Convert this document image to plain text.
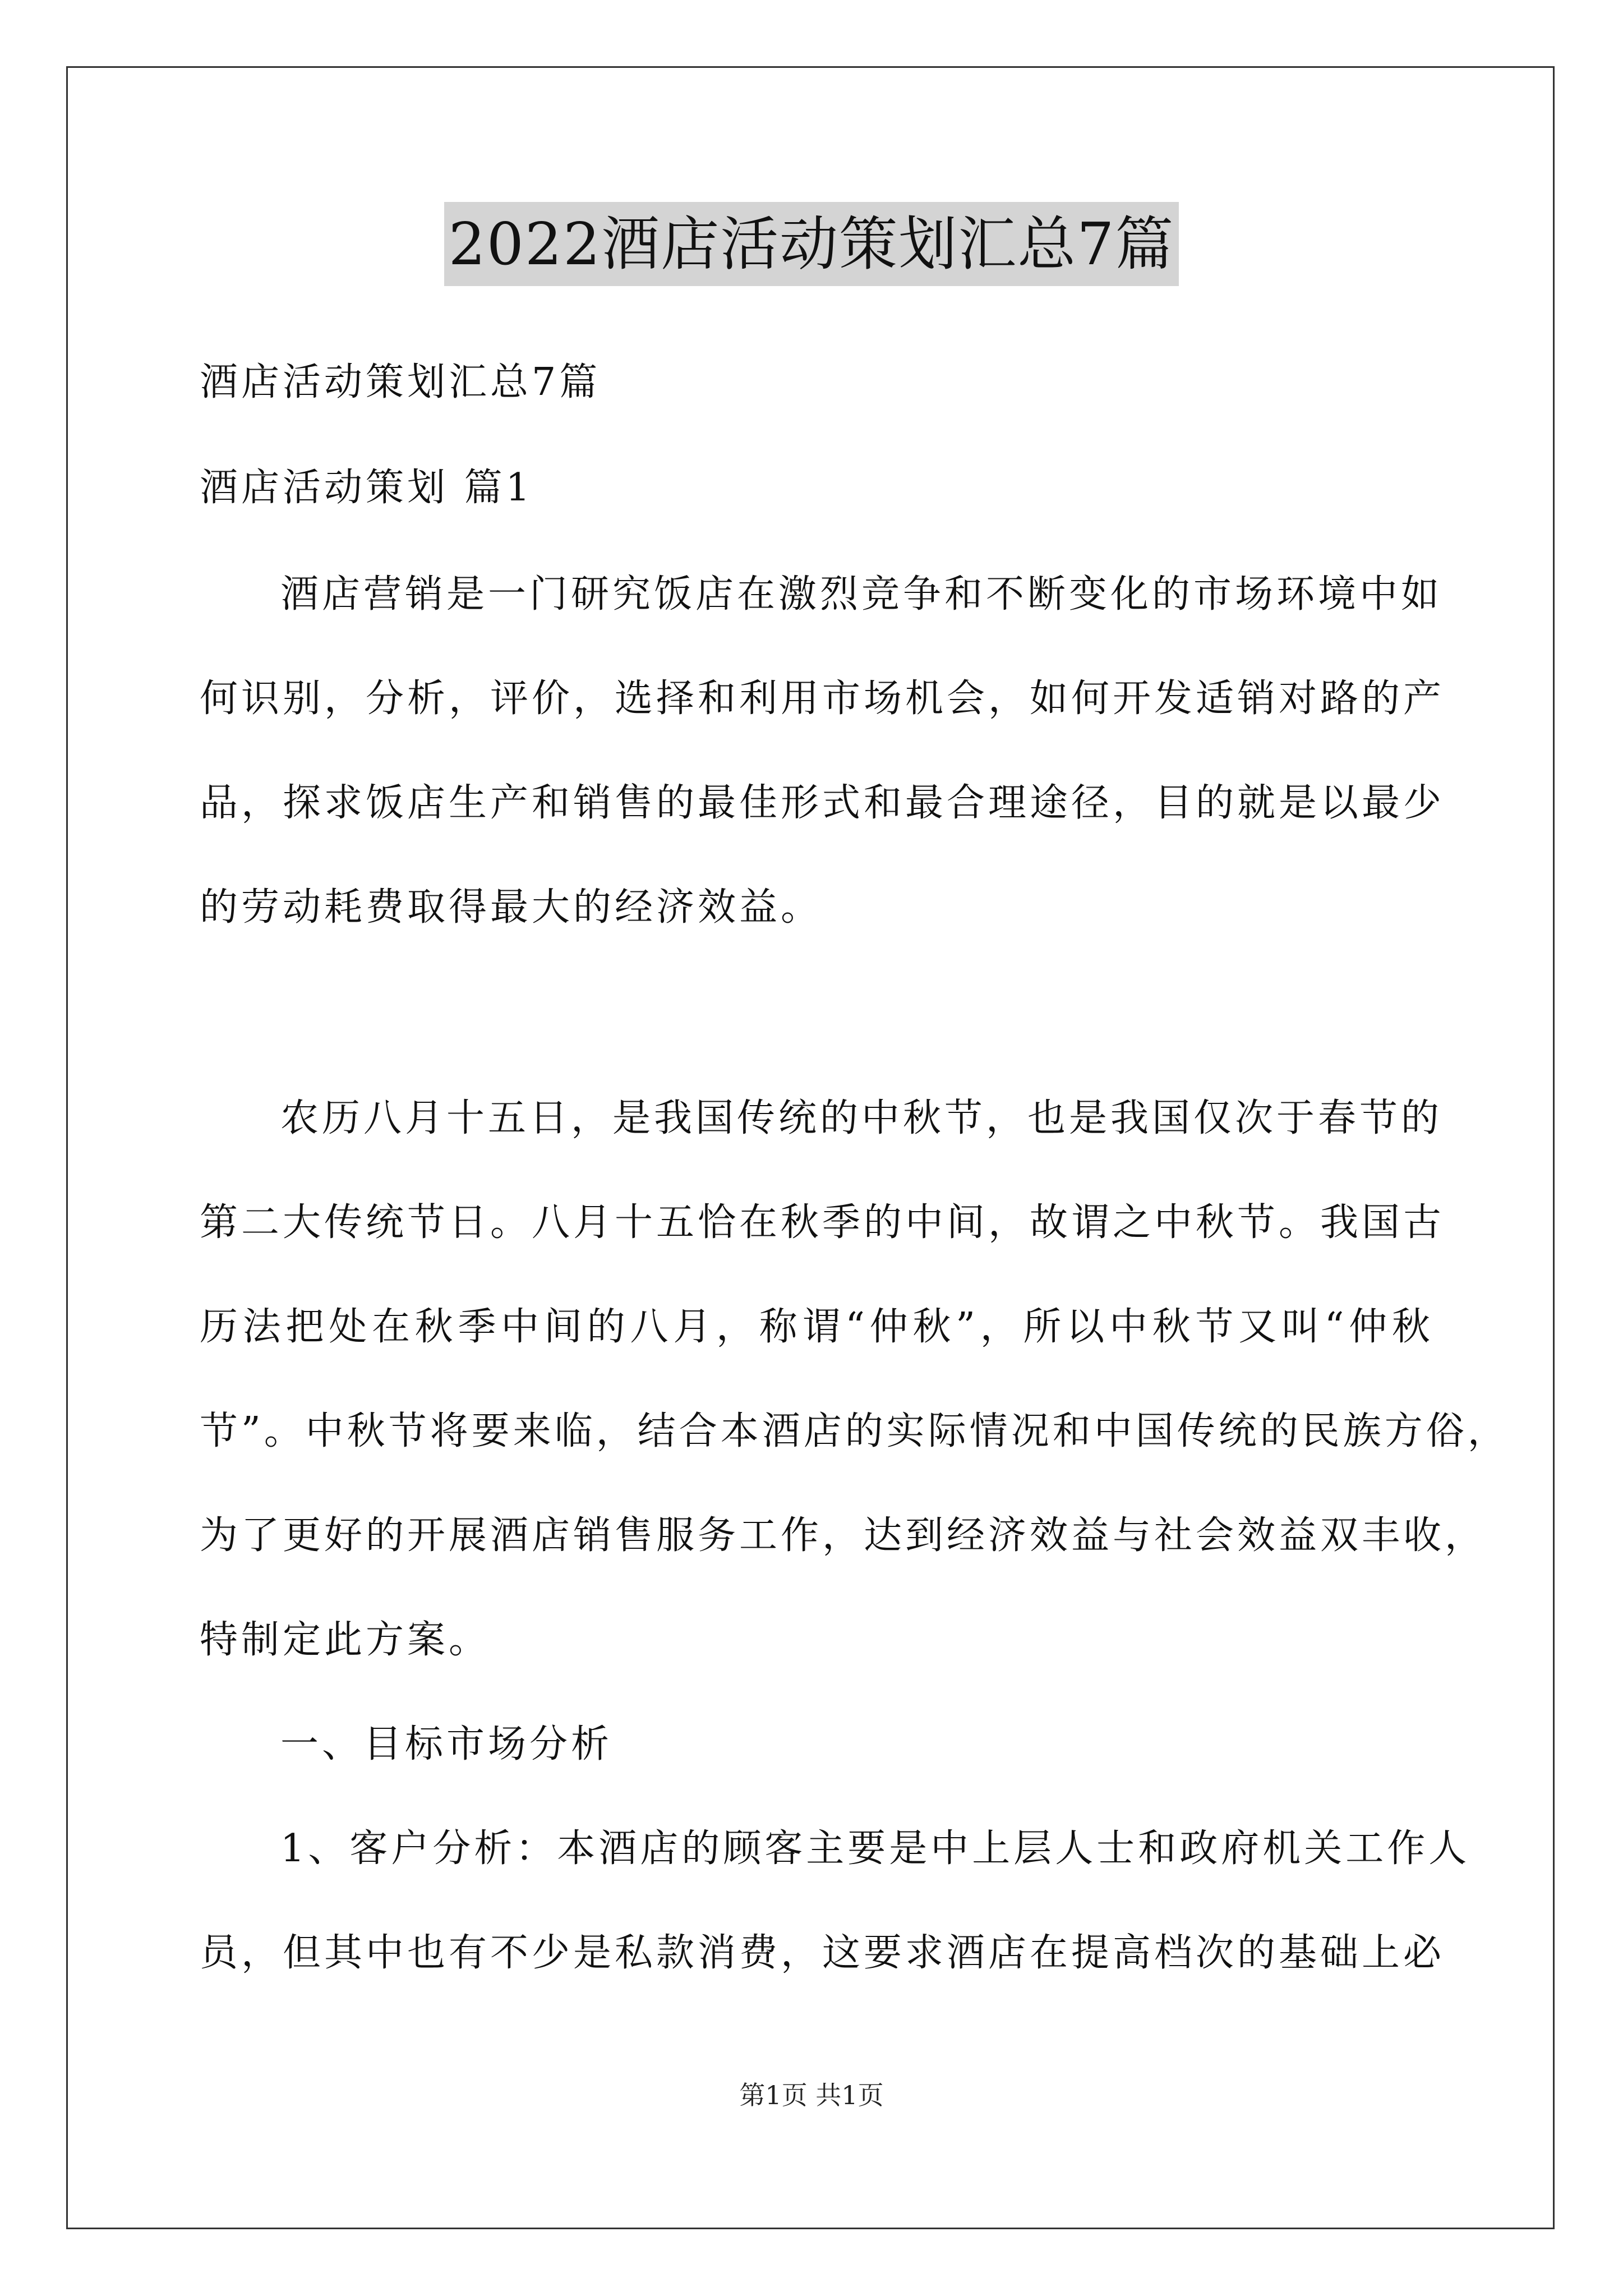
2022酒店活动策划汇总7篇
酒店活动策划汇总7篇
酒店活动策划 篇1
酒店营销是一门研究饭店在激烈竞争和不断变化的市场环境中如
何识别，分析，评价，选择和利用市场机会，如何开发适销对路的产
品，探求饭店生产和销售的最佳形式和最合理途径，目的就是以最少
的劳动耗费取得最大的经济效益。
农历八月十五日，是我国传统的中秋节，也是我国仅次于春节的
第二大传统节日。八月十五恰在秋季的中间，故谓之中秋节。我国古
历法把处在秋季中间的八月，称谓“仲秋”，所以中秋节又叫“仲秋
节”。中秋节将要来临，结合本酒店的实际情况和中国传统的民族方俗，
为了更好的开展酒店销售服务工作，达到经济效益与社会效益双丰收，
特制定此方案。
一、目标市场分析
1、客户分析：本酒店的顾客主要是中上层人士和政府机关工作人
员，但其中也有不少是私款消费，这要求酒店在提高档次的基础上必
第1页 共1页
